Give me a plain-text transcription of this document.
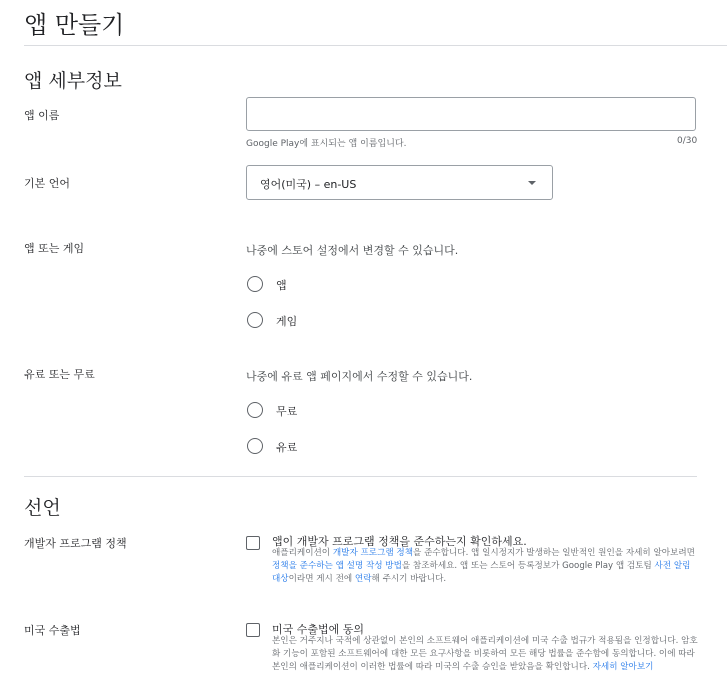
앱 만들기
앱 세부정보
앱 이름
Google Play에 표시되는 앱 이름입니다.	0/30
기본 언어	영어(미국) – en-US
앱 또는 게임	나중에 스토어 설정에서 변경할 수 있습니다.
앱
게임
유료 또는 무료	나중에 유료 앱 페이지에서 수정할 수 있습니다.
무료
유료
선언
개발자 프로그램 정책	앱이 개발자 프로그램 정책을 준수하는지 확인하세요.
애플리케이션이 개발자 프로그램 정책을 준수합니다. 앱 일시정지가 발생하는 일반적인 원인을 자세히 알아보려면 정책을 준수하는 앱 설명 작성 방법을 참조하세요. 앱 또는 스토어 등록정보가 Google Play 앱 검토팀 사전 알림 대상이라면 게시 전에 연락해 주시기 바랍니다.
미국 수출법	미국 수출법에 동의
본인은 거주지나 국적에 상관없이 본인의 소프트웨어 애플리케이션에 미국 수출 법규가 적용됨을 인정합니다. 암호화 기능이 포함된 소프트웨어에 대한 모든 요구사항을 비롯하여 모든 해당 법률을 준수함에 동의합니다. 이에 따라 본인의 애플리케이션이 이러한 법률에 따라 미국의 수출 승인을 받았음을 확인합니다. 자세히 알아보기
